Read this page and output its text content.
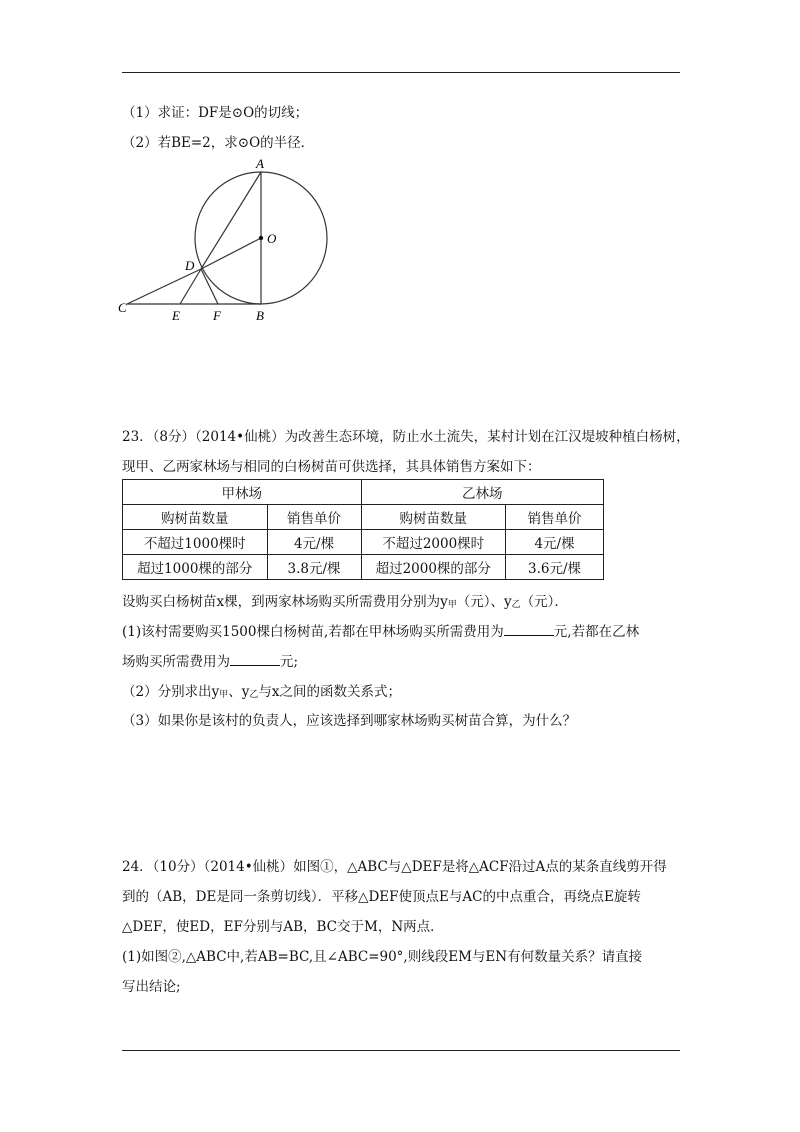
（1）求证：DF是⊙O的切线；
（2）若BE=2，求⊙O的半径．
A
O
D
C
E	F	B
23．（8分）（2014•仙桃）为改善生态环境，防止水土流失，某村计划在江汉堤坡种植白杨树，
现甲、乙两家林场与相同的白杨树苗可供选择，其具体销售方案如下：
甲林场		乙林场	
购树苗数量	销售单价	购树苗数量	销售单价
不超过1000棵时	4元/棵	不超过2000棵时	4元/棵
超过1000棵的部分	3.8元/棵	超过2000棵的部分	3.6元/棵
设购买白杨树苗x棵，到两家林场购买所需费用分别为$y_甲$（元）、$y_乙$（元）．
(1)该村需要购买1500棵白杨树苗,若都在甲林场购买所需费用为	元,若都在乙林
场购买所需费用为	元;
（2）分别求出$y_甲$、$y_乙$与x之间的函数关系式；
（3）如果你是该村的负责人，应该选择到哪家林场购买树苗合算，为什么？
24．（10分）（2014•仙桃）如图①，△ABC与△DEF是将△ACF沿过A点的某条直线剪开得
到的（AB，DE是同一条剪切线）．平移△DEF使顶点E与AC的中点重合，再绕点E旋转
△DEF，使ED，EF分别与AB，BC交于M，N两点．
(1)如图②,△ABC中,若AB=BC,且∠ABC=90°,则线段EM与EN有何数量关系？请直接
写出结论;
